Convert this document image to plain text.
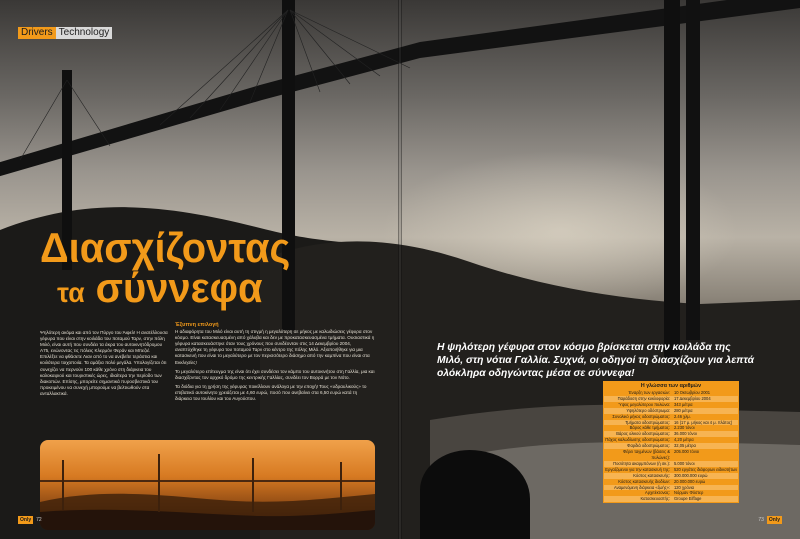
Drivers Technology
Διασχίζοντας
τα σύννεφα

Ψηλότερη ακόμα και από τον Πύργο του Άιφελ! Η ανατέλλουσα γέφυρα που είναι στην κοιλάδα του ποταμού Ταρν, στην πόλη Μιλό, είναι αυτή που συνδέει τα άκρα του αυτοκινητόδρομου Α75, ενώνοντας τις πόλεις Κλερμόν Φεράν και Μπεζιέ. Επιλέξτε να φθάσετε Λιαν από το να ανεβείτε τεράστια και κοιλότερα τοιχοποιία. Τα αμάξια πολύ μεγάλα. Υπολογίζεται ότι συνεχίζει να περνούν 100 κάθε χρόνο στη διάρκεια του καλοκαιριού και τουριστικές ώρες, ιδιαίτερα την περίοδο των διακοπών. Επίσης, μπορείτε σημαντικά πυροσβεστικά του προκειμένου να συνεχή μπορούμε να βελτιωθούν στα ανταλλακτικά.

Έξυπνη επιλογή

Η αδιαφόρητα του Μιλό είναι αυτή τη στιγμή η μεγαλύτερη σε μήκος με καλωδιώσεις γέφυρα στον κόσμο. Είναι κατασκευασμένη από χάλυβα και δεν με προκατασκευασμένα τμήματα. Ουσιαστικά η γέφυρα κατασκευάστηκε όταν τους χρόνους που συνδέονταν στις 14 Δεκεμβρίου 2004, αναπτύχθηκε τη γέφυρα του ποταμού Ταρν στο κέντρο της πόλης Μιλό. Αξιοποιήθηκε για μια κατασκευή που είναι το μεγαλύτερο με τον περισσότερο διάσημο από την καμπίνα που είναι στα Εκκλησίες!

Το μεγαλύτερο επίτευγμα της είναι ότι έχει συνδέσει τον κάμπο του αυτοκινήτου στη Γαλλία, μια και διασχίζοντας τον αρχικό δρόμο της κεντρικής Γαλλίας, συνδέει τον Βορρά με τον Νότο.

Τα διόδια για τη χρήση της γέφυρας ποικίλλουν ανάλογα με την εποχή! Τους «υδραυλικούς» το επιβατικό αυτοκίνητο χρειάζεται με 4,60 ευρώ, ποσό που ανεβαίνει στα 6,50 ευρώ κατά τη διάρκεια του Ιουλίου και του Αυγούστου.

Η ψηλότερη γέφυρα στον κόσμο βρίσκεται στην κοιλάδα της Μιλό, στη νότια Γαλλία. Συχνά, οι οδηγοί τη διασχίζουν για λεπτά ολόκληρα οδηγώντας μέσα σε σύννεφα!
Η γλώσσα των αριθμών
Έναρξη των εργασιών: 10 Οκτωβρίου 2001
Παράδοση στην κυκλοφορία: 17 Δεκεμβρίου 2004
Ύψος μεγαλύτερου πυλώνα: 343 μέτρα
Υψηλότερο οδόστρωμα: 280 μέτρα
Συνολικό μήκος οδοστρώματος: 2.46 χλμ.
Τμήματα οδοστρώματος: 16 (17 μ. μήκος και 4 μ. πλάτος)
Βάρος κάθε τμήματος: 2.230 τόνοι
Βάρος ολικού οδοστρώματος: 36.000 τόνοι
Πάχος καλωδίωσης οδοστρώματος: 4,20 μέτρα
Φαρδιά οδοστρώματος: 32,05 μέτρα
Φέρει ταγμένων (βάσεις & πυλώνες):
205.000 τόνοι
Ποσότητα ακαρμπόνων (ή σκ.): 5.000 τόνοι
Εργαζόμενοι για την κατασκευή της: 520 εργάτες διάφορων ειδικοτήτων
Κόστος κατασκευής: 300.000.000 ευρώ
Κόστος κατασκευής διοδίων: 20.000.000 ευρώ
Αναμενόμενη διάρκεια «ζωής»: 120 χρόνια
Αρχιτέκτονας: Νόρμαν Φόστερ
Κατασκευαστής: Groupe Eiffage
Only	72	73	Only
